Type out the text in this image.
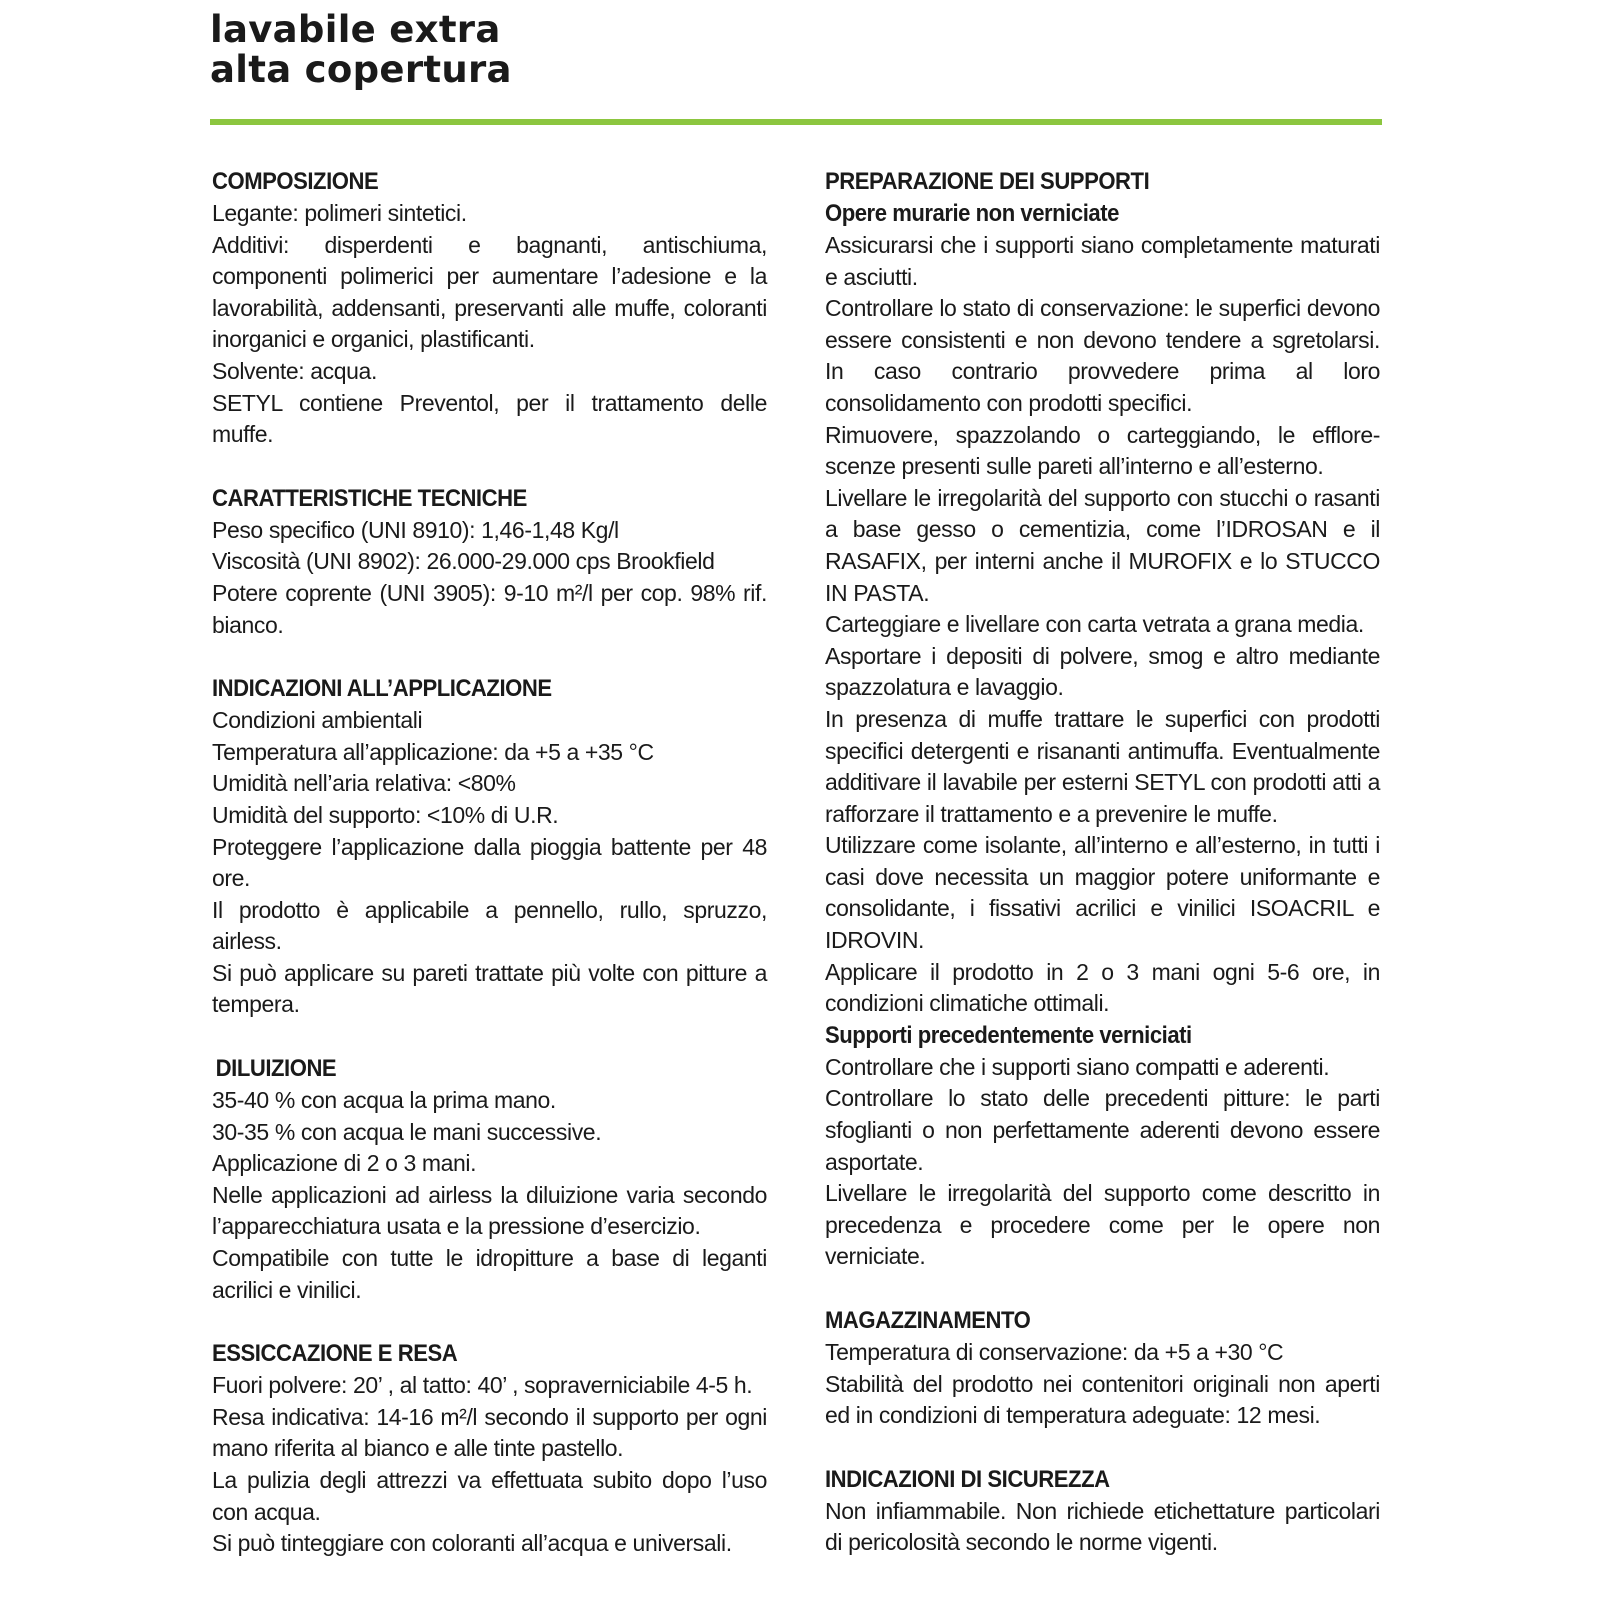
lavabile extra
alta copertura
COMPOSIZIONE
Legante: polimeri sintetici.
Additivi: disperdenti e bagnanti, antischiuma, componenti polimerici per aumentare l’adesione e la lavorabilità, addensanti, preservanti alle muffe, coloranti inorganici e organici, plastificanti.
Solvente: acqua.
SETYL contiene Preventol, per il trattamento delle muffe.
CARATTERISTICHE TECNICHE
Peso specifico (UNI 8910): 1,46-1,48 Kg/l
Viscosità (UNI 8902): 26.000-29.000 cps Brookfield
Potere coprente (UNI 3905): 9-10 m²/l per cop. 98% rif. bianco.
INDICAZIONI ALL’APPLICAZIONE
Condizioni ambientali
Temperatura all’applicazione: da +5 a +35 °C
Umidità nell’aria relativa: <80%
Umidità del supporto: <10% di U.R.
Proteggere l’applicazione dalla pioggia battente per 48 ore.
Il prodotto è applicabile a pennello, rullo, spruzzo, airless.
Si può applicare su pareti trattate più volte con pitture a tempera.
DILUIZIONE
35-40 % con acqua la prima mano.
30-35 % con acqua le mani successive.
Applicazione di 2 o 3 mani.
Nelle applicazioni ad airless la diluizione varia secondo l’apparecchiatura usata e la pressione d’esercizio.
Compatibile con tutte le idropitture a base di leganti acrilici e vinilici.
ESSICCAZIONE E RESA
Fuori polvere: 20’ , al tatto: 40’ , sopraverniciabile 4-5 h.
Resa indicativa: 14-16 m²/l secondo il supporto per ogni mano riferita al bianco e alle tinte pastello.
La pulizia degli attrezzi va effettuata subito dopo l’uso con acqua.
Si può tinteggiare con coloranti all’acqua e universali.
PREPARAZIONE DEI SUPPORTI
Opere murarie non verniciate
Assicurarsi che i supporti siano completamente maturati e asciutti.
Controllare lo stato di conservazione: le superfici devono essere consistenti e non devono tendere a sgretolarsi. In caso contrario provvedere prima al loro consolidamento con prodotti specifici.
Rimuovere, spazzolando o carteggiando, le efflore-scenze presenti sulle pareti all’interno e all’esterno.
Livellare le irregolarità del supporto con stucchi o rasanti a base gesso o cementizia, come l’IDROSAN e il RASAFIX, per interni anche il MUROFIX e lo STUCCO IN PASTA.
Carteggiare e livellare con carta vetrata a grana media.
Asportare i depositi di polvere, smog e altro mediante spazzolatura e lavaggio.
In presenza di muffe trattare le superfici con prodotti specifici detergenti e risananti antimuffa. Eventualmente additivare il lavabile per esterni SETYL con prodotti atti a rafforzare il trattamento e a prevenire le muffe.
Utilizzare come isolante, all’interno e all’esterno, in tutti i casi dove necessita un maggior potere uniformante e consolidante, i fissativi acrilici e vinilici ISOACRIL e IDROVIN.
Applicare il prodotto in 2 o 3 mani ogni 5-6 ore, in condizioni climatiche ottimali.
Supporti precedentemente verniciati
Controllare che i supporti siano compatti e aderenti.
Controllare lo stato delle precedenti pitture: le parti sfoglianti o non perfettamente aderenti devono essere asportate.
Livellare le irregolarità del supporto come descritto in precedenza e procedere come per le opere non verniciate.
MAGAZZINAMENTO
Temperatura di conservazione: da +5 a +30 °C
Stabilità del prodotto nei contenitori originali non aperti ed in condizioni di temperatura adeguate: 12 mesi.
INDICAZIONI DI SICUREZZA
Non infiammabile. Non richiede etichettature particolari di pericolosità secondo le norme vigenti.
